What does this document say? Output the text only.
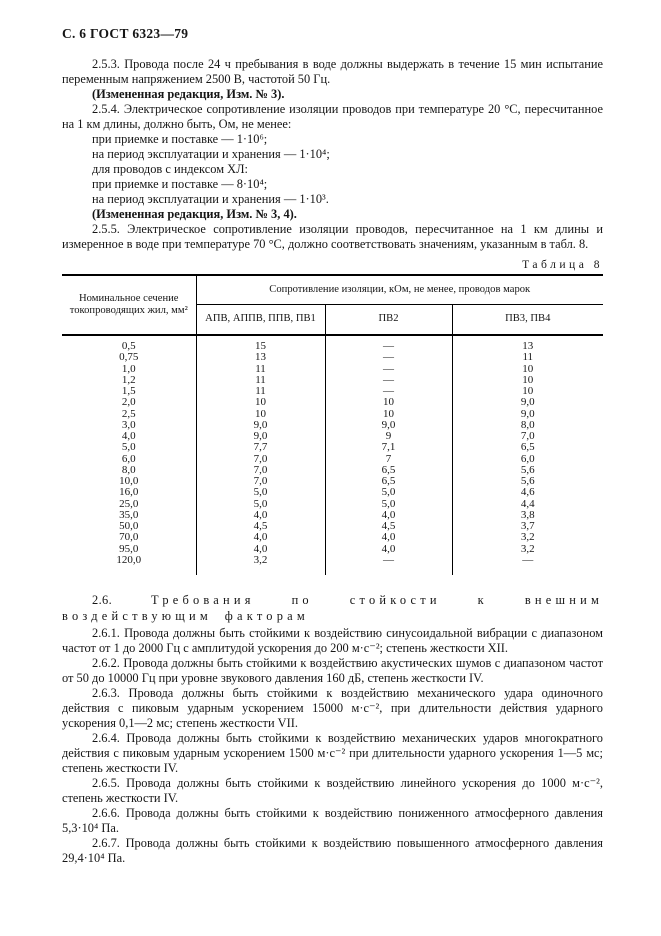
С. 6 ГОСТ 6323—79

2.5.3. Провода после 24 ч пребывания в воде должны выдержать в течение 15 мин испытание переменным напряжением 2500 В, частотой 50 Гц.

(Измененная редакция, Изм. № 3).

2.5.4. Электрическое сопротивление изоляции проводов при температуре 20 °С, пересчитанное на 1 км длины, должно быть, Ом, не менее:

при приемке и поставке — 1·10⁶;
на период эксплуатации и хранения — 1·10⁴;
для проводов с индексом ХЛ:
при приемке и поставке — 8·10⁴;
на период эксплуатации и хранения — 1·10³.
(Измененная редакция, Изм. № 3, 4).

2.5.5. Электрическое сопротивление изоляции проводов, пересчитанное на 1 км длины и измеренное в воде при температуре 70 °С, должно соответствовать значениям, указанным в табл. 8.

Таблица 8
Номинальное сечение токопроводящих жил, мм²	Сопротивление изоляции, кОм, не менее, проводов марок		
	АПВ, АППВ, ППВ, ПВ1	ПВ2	ПВ3, ПВ4
0,5	15	—	13
0,75	13	—	11
1,0	11	—	10
1,2	11	—	10
1,5	11	—	10
2,0	10	10	9,0
2,5	10	10	9,0
3,0	9,0	9,0	8,0
4,0	9,0	9	7,0
5,0	7,7	7,1	6,5
6,0	7,0	7	6,0
8,0	7,0	6,5	5,6
10,0	7,0	6,5	5,6
16,0	5,0	5,0	4,6
25,0	5,0	5,0	4,4
35,0	4,0	4,0	3,8
50,0	4,5	4,5	3,7
70,0	4,0	4,0	3,2
95,0	4,0	4,0	3,2
120,0	3,2	—	—

2.6.	Требования по стойкости к внешним воздействующим факторам

2.6.1. Провода должны быть стойкими к воздействию синусоидальной вибрации с диапазоном частот от 1 до 2000 Гц с амплитудой ускорения до 200 м·с⁻²; степень жесткости XII.

2.6.2. Провода должны быть стойкими к воздействию акустических шумов с диапазоном частот от 50 до 10000 Гц при уровне звукового давления 160 дБ, степень жесткости IV.

2.6.3. Провода должны быть стойкими к воздействию механического удара одиночного действия с пиковым ударным ускорением 15000 м·с⁻², при длительности действия ударного ускорения 0,1—2 мс; степень жесткости VII.

2.6.4. Провода должны быть стойкими к воздействию механических ударов многократного действия с пиковым ударным ускорением 1500 м·с⁻² при длительности ударного ускорения 1—5 мс; степень жесткости IV.

2.6.5. Провода должны быть стойкими к воздействию линейного ускорения до 1000 м·с⁻², степень жесткости IV.

2.6.6. Провода должны быть стойкими к воздействию пониженного атмосферного давления 5,3·10⁴ Па.

2.6.7. Провода должны быть стойкими к воздействию повышенного атмосферного давления 29,4·10⁴ Па.
